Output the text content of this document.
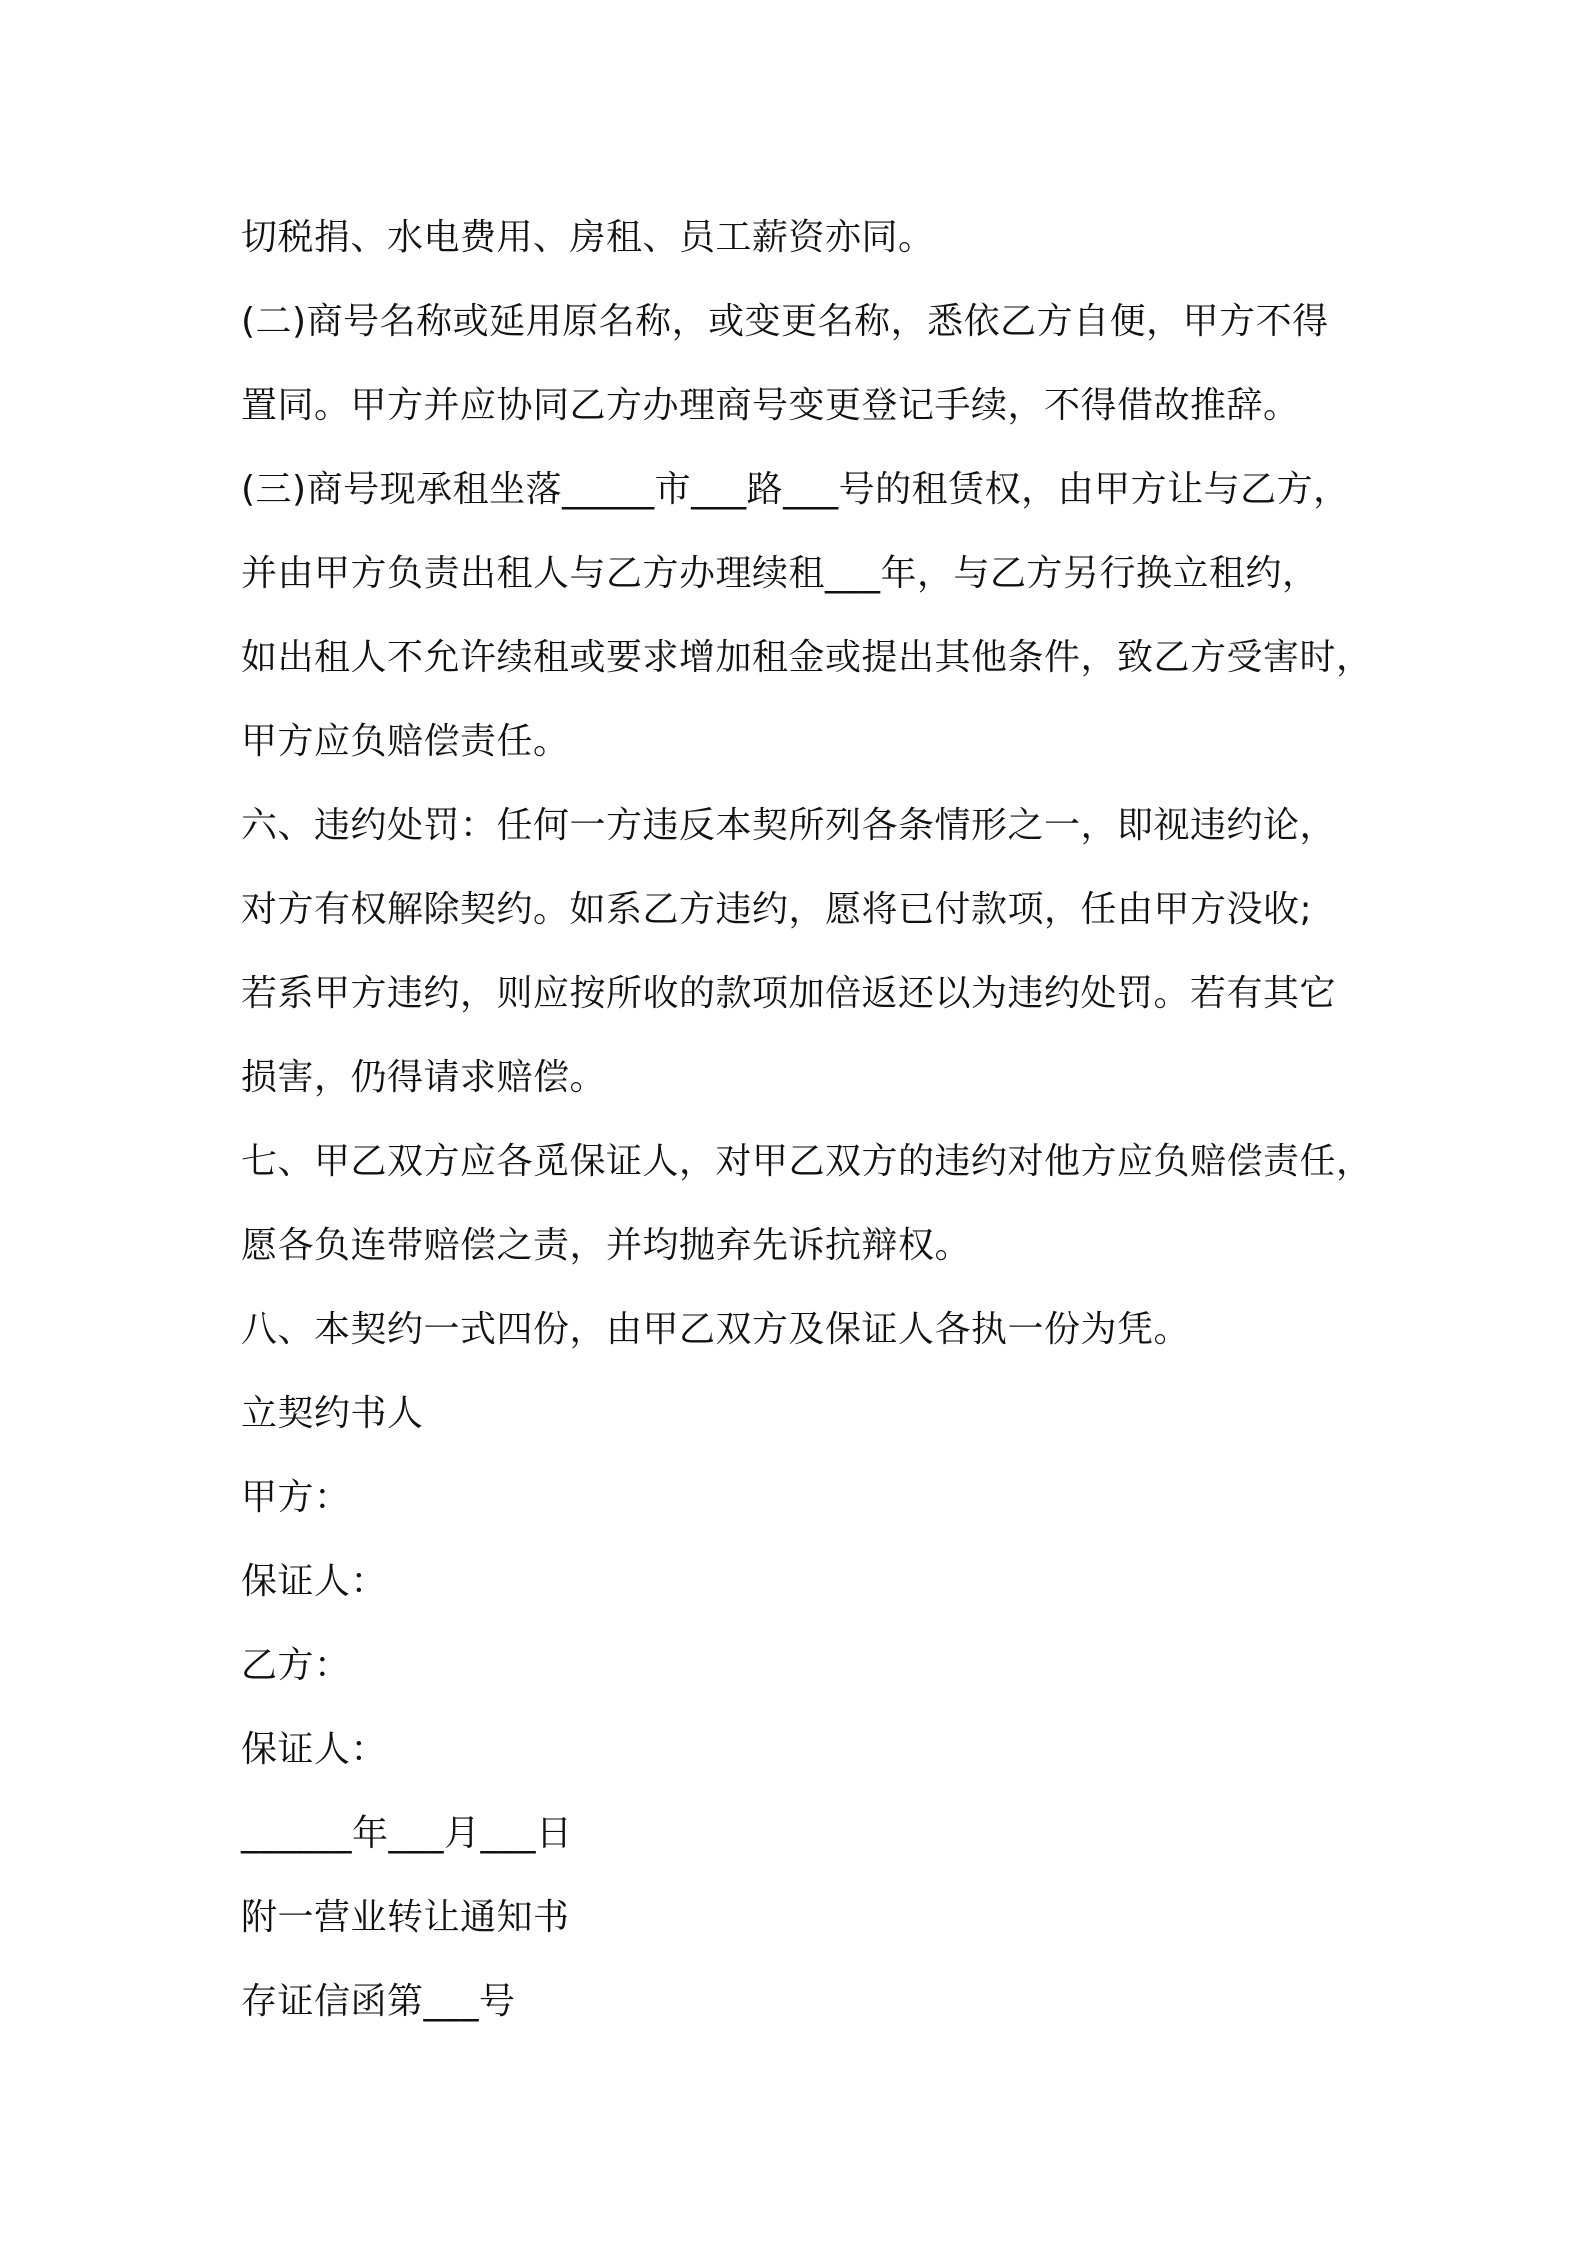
切税捐、水电费用、房租、员工薪资亦同。
(二)商号名称或延用原名称，或变更名称，悉依乙方自便，甲方不得
置同。甲方并应协同乙方办理商号变更登记手续，不得借故推辞。
(三)商号现承租坐落_____市___路___号的租赁权，由甲方让与乙方，
并由甲方负责出租人与乙方办理续租___年，与乙方另行换立租约，
如出租人不允许续租或要求增加租金或提出其他条件，致乙方受害时，
甲方应负赔偿责任。
六、违约处罚：任何一方违反本契所列各条情形之一，即视违约论，
对方有权解除契约。如系乙方违约，愿将已付款项，任由甲方没收;
若系甲方违约，则应按所收的款项加倍返还以为违约处罚。若有其它
损害，仍得请求赔偿。
七、甲乙双方应各觅保证人，对甲乙双方的违约对他方应负赔偿责任，
愿各负连带赔偿之责，并均抛弃先诉抗辩权。
八、本契约一式四份，由甲乙双方及保证人各执一份为凭。
立契约书人
甲方：
保证人：
乙方：
保证人：
______年___月___日
附一营业转让通知书
存证信函第___号
